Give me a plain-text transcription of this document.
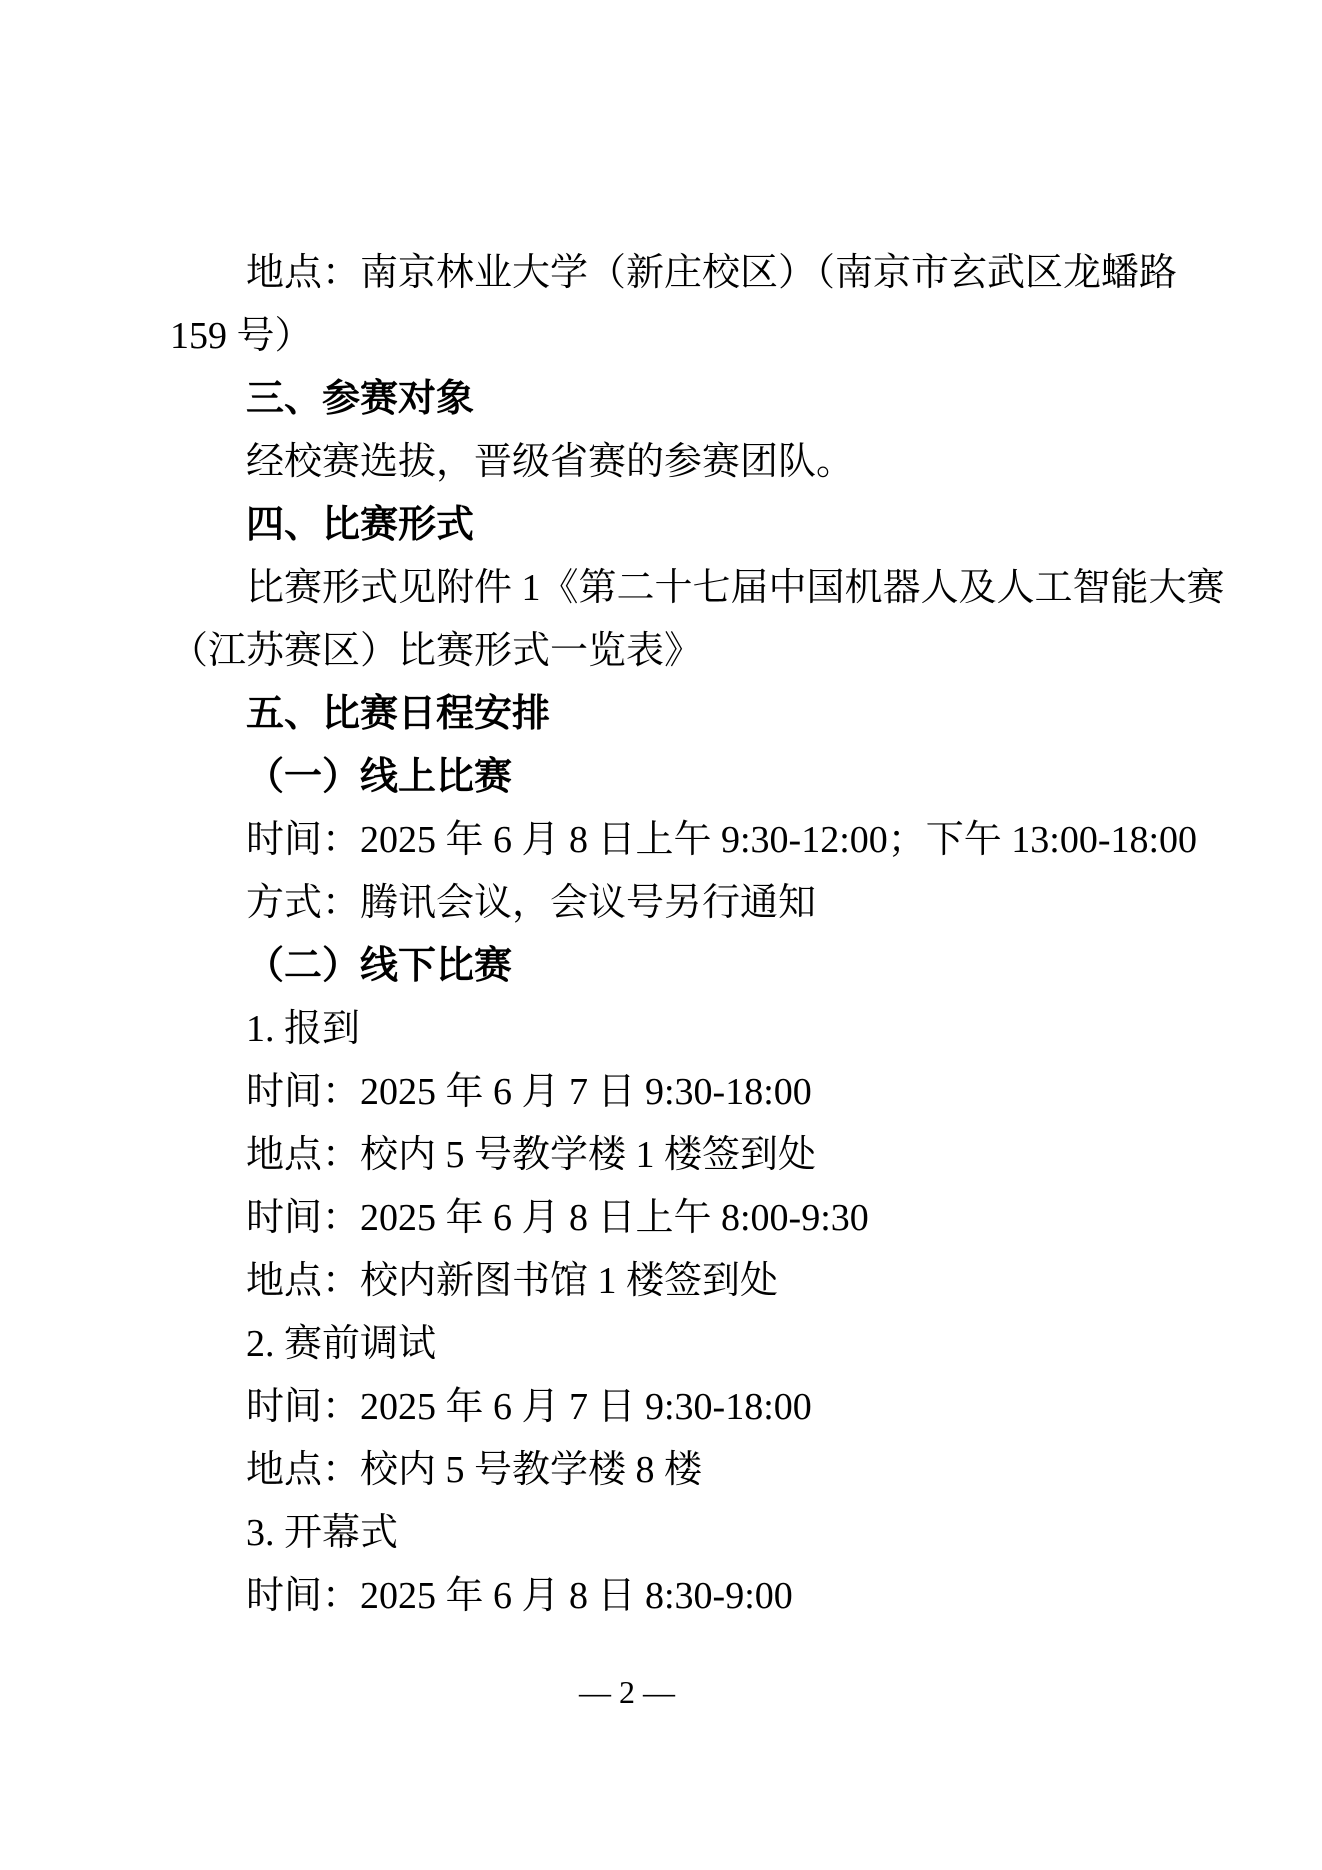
地点：南京林业大学（新庄校区）（南京市玄武区龙蟠路
159 号）
三、参赛对象
经校赛选拔，晋级省赛的参赛团队。
四、比赛形式
比赛形式见附件 1《第二十七届中国机器人及人工智能大赛
（江苏赛区）比赛形式一览表》
五、比赛日程安排
（一）线上比赛
时间：2025 年 6 月 8 日上午 9:30-12:00；下午 13:00-18:00
方式：腾讯会议，会议号另行通知
（二）线下比赛
1. 报到
时间：2025 年 6 月 7 日 9:30-18:00
地点：校内 5 号教学楼 1 楼签到处
时间：2025 年 6 月 8 日上午 8:00-9:30
地点：校内新图书馆 1 楼签到处
2. 赛前调试
时间：2025 年 6 月 7 日 9:30-18:00
地点：校内 5 号教学楼 8 楼
3. 开幕式
时间：2025 年 6 月 8 日 8:30-9:00
— 2 —
